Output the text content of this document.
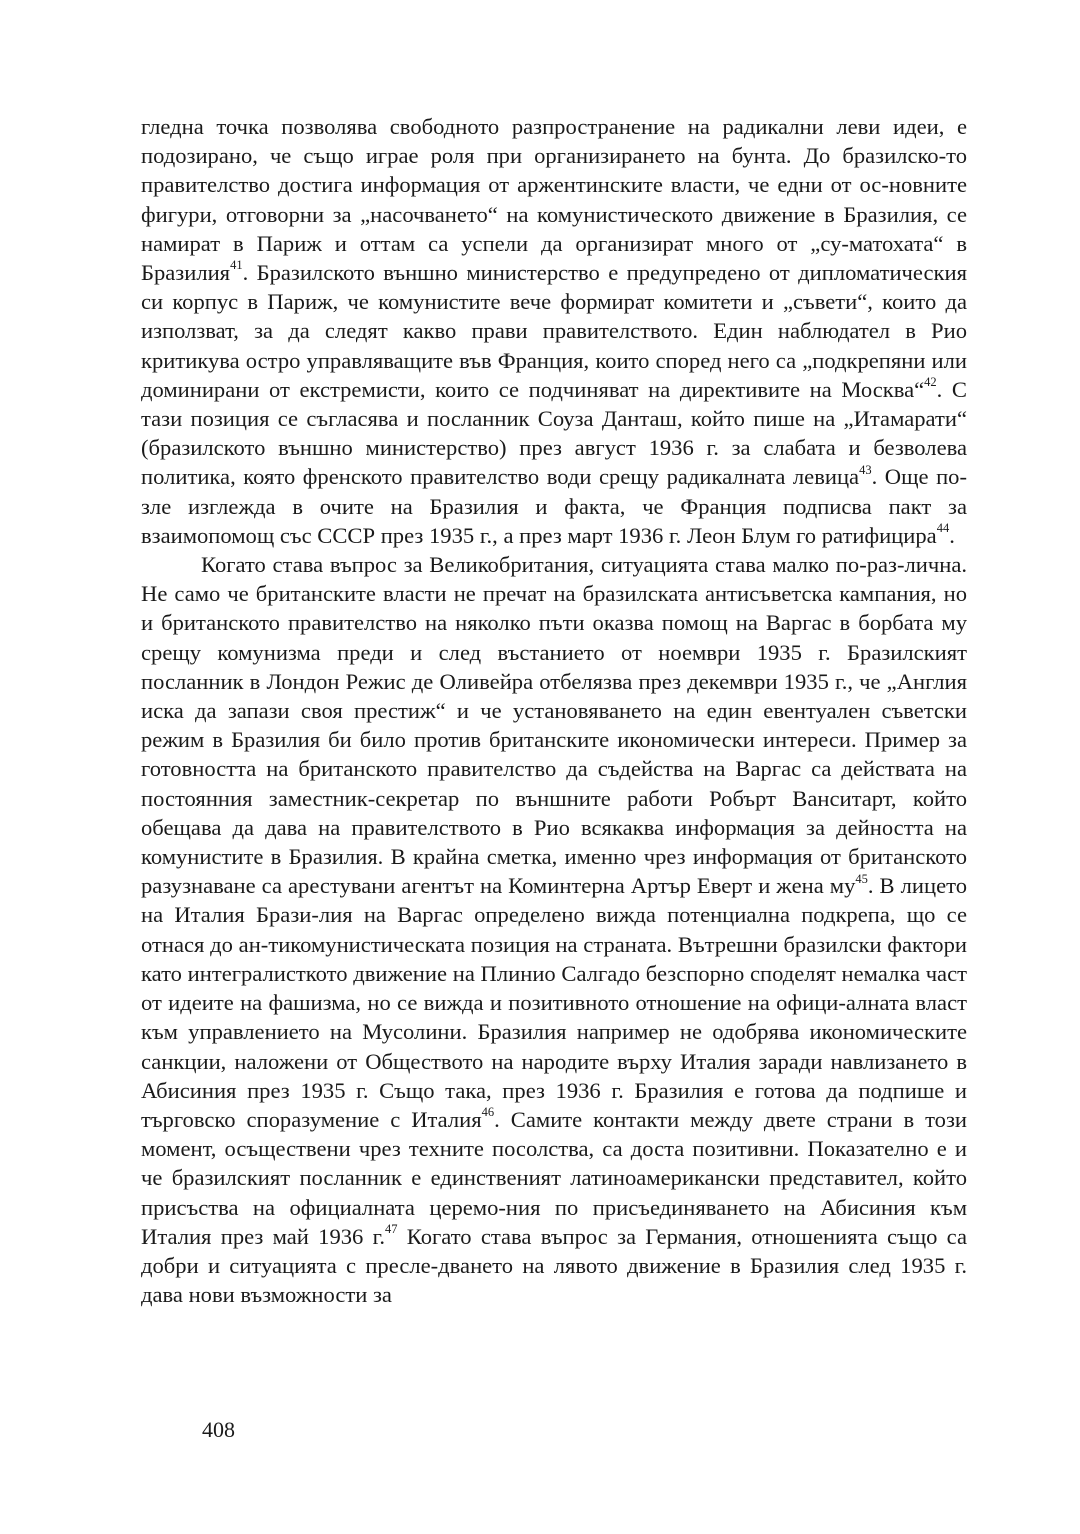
гледна точка позволява свободното разпространение на радикални леви идеи, е подозирано, че също играе роля при организирането на бунта. До бразилско-то правителство достига информация от аржентинските власти, че едни от ос-новните фигури, отговорни за „насочването“ на комунистическото движение в Бразилия, се намират в Париж и оттам са успели да организират много от „су-матохата“ в Бразилия$^{41}$. Бразилското външно министерство е предупредено от дипломатическия си корпус в Париж, че комунистите вече формират комитети и „съвети“, които да използват, за да следят какво прави правителството. Един наблюдател в Рио критикува остро управляващите във Франция, които според него са „подкрепяни или доминирани от екстремисти, които се подчиняват на директивите на Москва“$^{42}$. С тази позиция се съгласява и посланник Соуза Данташ, който пише на „Итамарати“ (бразилското външно министерство) през август 1936 г. за слабата и безволева политика, която френското правителство води срещу радикалната левица$^{43}$. Още по-зле изглежда в очите на Бразилия и факта, че Франция подписва пакт за взаимопомощ със СССР през 1935 г., а през март 1936 г. Леон Блум го ратифицира$^{44}$.

Когато става въпрос за Великобритания, ситуацията става малко по-раз-лична. Не само че британските власти не пречат на бразилската антисъветска кампания, но и британското правителство на няколко пъти оказва помощ на Варгас в борбата му срещу комунизма преди и след въстанието от ноември 1935 г. Бразилският посланник в Лондон Режис де Оливейра отбелязва през декември 1935 г., че „Англия иска да запази своя престиж“ и че установяването на един евентуален съветски режим в Бразилия би било против британските икономически интереси. Пример за готовността на британското правителство да съдейства на Варгас са действата на постоянния заместник-секретар по външните работи Робърт Ванситарт, който обещава да дава на правителството в Рио всякаква информация за дейността на комунистите в Бразилия. В крайна сметка, именно чрез информация от британското разузнаване са арестувани агентът на Коминтерна Артър Еверт и жена му$^{45}$. В лицето на Италия Брази-лия на Варгас определено вижда потенциална подкрепа, що се отнася до ан-тикомунистическата позиция на страната. Вътрешни бразилски фактори като интегралисткото движение на Плинио Салгадо безспорно споделят немалка част от идеите на фашизма, но се вижда и позитивното отношение на офици-алната власт към управлението на Мусолини. Бразилия например не одобрява икономическите санкции, наложени от Обществото на народите върху Италия заради навлизането в Абисиния през 1935 г. Също така, през 1936 г. Бразилия е готова да подпише и търговско споразумение с Италия$^{46}$. Самите контакти между двете страни в този момент, осъществени чрез техните посолства, са доста позитивни. Показателно е и че бразилският посланник е единственият латиноамерикански представител, който присъства на официалната церемо-ния по присъединяването на Абисиния към Италия през май 1936 г.$^{47}$ Когато става въпрос за Германия, отношенията също са добри и ситуацията с пресле-дването на лявото движение в Бразилия след 1935 г. дава нови възможности за

408
